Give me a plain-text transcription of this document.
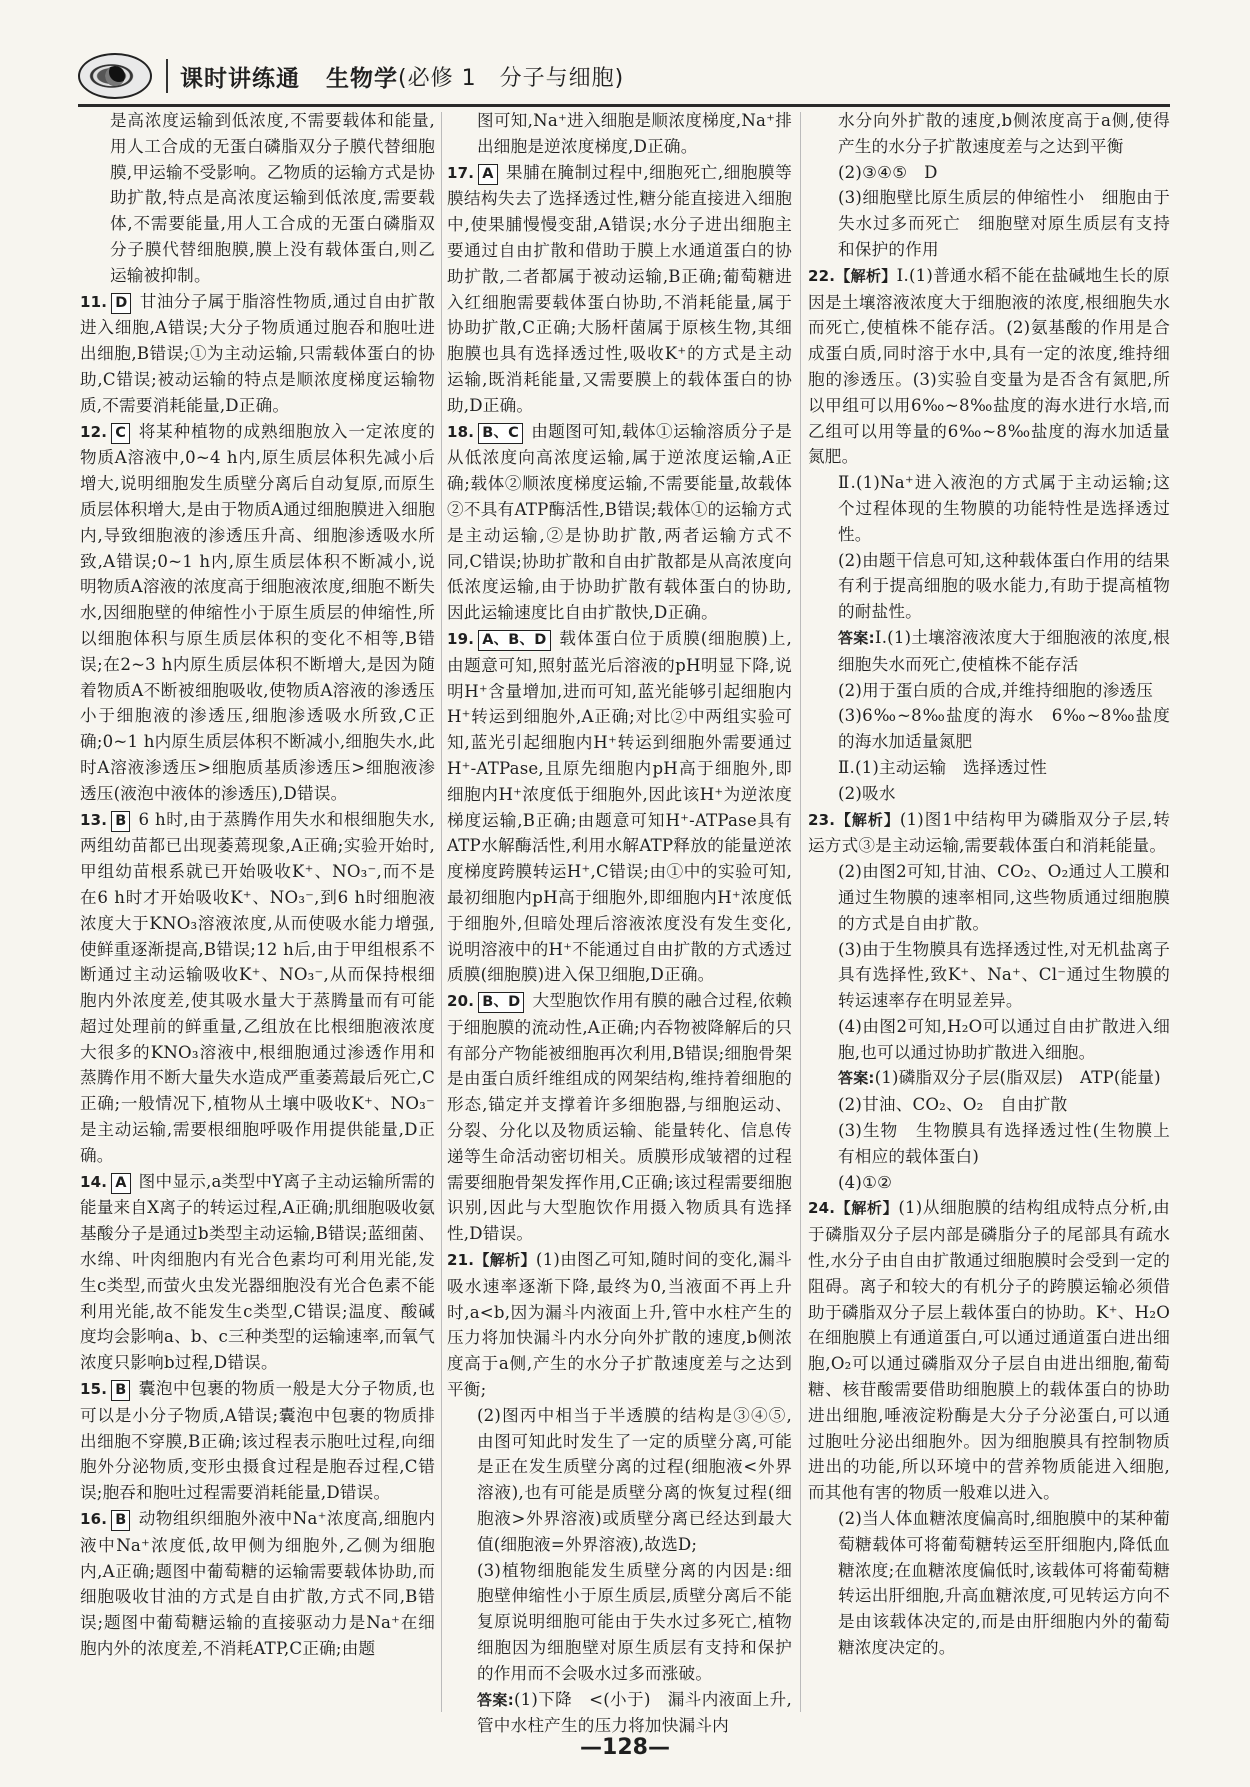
课时讲练通 生物学 (必修 1　分子与细胞)

是高浓度运输到低浓度,不需要载体和能量,用人工合成的无蛋白磷脂双分子膜代替细胞膜,甲运输不受影响。乙物质的运输方式是协助扩散,特点是高浓度运输到低浓度,需要载体,不需要能量,用人工合成的无蛋白磷脂双分子膜代替细胞膜,膜上没有载体蛋白,则乙运输被抑制。

11. D 甘油分子属于脂溶性物质,通过自由扩散进入细胞,A错误;大分子物质通过胞吞和胞吐进出细胞,B错误;①为主动运输,只需载体蛋白的协助,C错误;被动运输的特点是顺浓度梯度运输物质,不需要消耗能量,D正确。
12. C 将某种植物的成熟细胞放入一定浓度的物质A溶液中,0~4 h内,原生质层体积先减小后增大,说明细胞发生质壁分离后自动复原,而原生质层体积增大,是由于物质A通过细胞膜进入细胞内,导致细胞液的渗透压升高、细胞渗透吸水所致,A错误;0~1 h内,原生质层体积不断减小,说明物质A溶液的浓度高于细胞液浓度,细胞不断失水,因细胞壁的伸缩性小于原生质层的伸缩性,所以细胞体积与原生质层体积的变化不相等,B错误;在2~3 h内原生质层体积不断增大,是因为随着物质A不断被细胞吸收,使物质A溶液的渗透压小于细胞液的渗透压,细胞渗透吸水所致,C正确;0~1 h内原生质层体积不断减小,细胞失水,此时A溶液渗透压>细胞质基质渗透压>细胞液渗透压(液泡中液体的渗透压),D错误。
13. B 6 h时,由于蒸腾作用失水和根细胞失水,两组幼苗都已出现萎蔫现象,A正确;实验开始时,甲组幼苗根系就已开始吸收K⁺、NO₃⁻,而不是在6 h时才开始吸收K⁺、NO₃⁻,到6 h时细胞液浓度大于KNO₃溶液浓度,从而使吸水能力增强,使鲜重逐渐提高,B错误;12 h后,由于甲组根系不断通过主动运输吸收K⁺、NO₃⁻,从而保持根细胞内外浓度差,使其吸水量大于蒸腾量而有可能超过处理前的鲜重量,乙组放在比根细胞液浓度大很多的KNO₃溶液中,根细胞通过渗透作用和蒸腾作用不断大量失水造成严重萎蔫最后死亡,C正确;一般情况下,植物从土壤中吸收K⁺、NO₃⁻是主动运输,需要根细胞呼吸作用提供能量,D正确。
14. A 图中显示,a类型中Y离子主动运输所需的能量来自X离子的转运过程,A正确;肌细胞吸收氨基酸分子是通过b类型主动运输,B错误;蓝细菌、水绵、叶肉细胞内有光合色素均可利用光能,发生c类型,而萤火虫发光器细胞没有光合色素不能利用光能,故不能发生c类型,C错误;温度、酸碱度均会影响a、b、c三种类型的运输速率,而氧气浓度只影响b过程,D错误。
15. B 囊泡中包裹的物质一般是大分子物质,也可以是小分子物质,A错误;囊泡中包裹的物质排出细胞不穿膜,B正确;该过程表示胞吐过程,向细胞外分泌物质,变形虫摄食过程是胞吞过程,C错误;胞吞和胞吐过程需要消耗能量,D错误。
16. B 动物组织细胞外液中Na⁺浓度高,细胞内液中Na⁺浓度低,故甲侧为细胞外,乙侧为细胞内,A正确;题图中葡萄糖的运输需要载体协助,而细胞吸收甘油的方式是自由扩散,方式不同,B错误;题图中葡萄糖运输的直接驱动力是Na⁺在细胞内外的浓度差,不消耗ATP,C正确;由题

图可知,Na⁺进入细胞是顺浓度梯度,Na⁺排出细胞是逆浓度梯度,D正确。

17. A 果脯在腌制过程中,细胞死亡,细胞膜等膜结构失去了选择透过性,糖分能直接进入细胞中,使果脯慢慢变甜,A错误;水分子进出细胞主要通过自由扩散和借助于膜上水通道蛋白的协助扩散,二者都属于被动运输,B正确;葡萄糖进入红细胞需要载体蛋白协助,不消耗能量,属于协助扩散,C正确;大肠杆菌属于原核生物,其细胞膜也具有选择透过性,吸收K⁺的方式是主动运输,既消耗能量,又需要膜上的载体蛋白的协助,D正确。
18. B、C 由题图可知,载体①运输溶质分子是从低浓度向高浓度运输,属于逆浓度运输,A正确;载体②顺浓度梯度运输,不需要能量,故载体②不具有ATP酶活性,B错误;载体①的运输方式是主动运输,②是协助扩散,两者运输方式不同,C错误;协助扩散和自由扩散都是从高浓度向低浓度运输,由于协助扩散有载体蛋白的协助,因此运输速度比自由扩散快,D正确。
19. A、B、D 载体蛋白位于质膜(细胞膜)上,由题意可知,照射蓝光后溶液的pH明显下降,说明H⁺含量增加,进而可知,蓝光能够引起细胞内H⁺转运到细胞外,A正确;对比②中两组实验可知,蓝光引起细胞内H⁺转运到细胞外需要通过H⁺-ATPase,且原先细胞内pH高于细胞外,即细胞内H⁺浓度低于细胞外,因此该H⁺为逆浓度梯度运输,B正确;由题意可知H⁺-ATPase具有ATP水解酶活性,利用水解ATP释放的能量逆浓度梯度跨膜转运H⁺,C错误;由①中的实验可知,最初细胞内pH高于细胞外,即细胞内H⁺浓度低于细胞外,但暗处理后溶液浓度没有发生变化,说明溶液中的H⁺不能通过自由扩散的方式透过质膜(细胞膜)进入保卫细胞,D正确。
20. B、D 大型胞饮作用有膜的融合过程,依赖于细胞膜的流动性,A正确;内吞物被降解后的只有部分产物能被细胞再次利用,B错误;细胞骨架是由蛋白质纤维组成的网架结构,维持着细胞的形态,锚定并支撑着许多细胞器,与细胞运动、分裂、分化以及物质运输、能量转化、信息传递等生命活动密切相关。质膜形成皱褶的过程需要细胞骨架发挥作用,C正确;该过程需要细胞识别,因此与大型胞饮作用摄入物质具有选择性,D错误。
21.【解析】(1)由图乙可知,随时间的变化,漏斗吸水速率逐渐下降,最终为0,当液面不再上升时,a<b,因为漏斗内液面上升,管中水柱产生的压力将加快漏斗内水分向外扩散的速度,b侧浓度高于a侧,产生的水分子扩散速度差与之达到平衡;

(2)图丙中相当于半透膜的结构是③④⑤,由图可知此时发生了一定的质壁分离,可能是正在发生质壁分离的过程(细胞液<外界溶液),也有可能是质壁分离的恢复过程(细胞液>外界溶液)或质壁分离已经达到最大值(细胞液=外界溶液),故选D;

(3)植物细胞能发生质壁分离的内因是:细胞壁伸缩性小于原生质层,质壁分离后不能复原说明细胞可能由于失水过多死亡,植物细胞因为细胞壁对原生质层有支持和保护的作用而不会吸水过多而涨破。

答案:(1)下降　<(小于)　漏斗内液面上升,管中水柱产生的压力将加快漏斗内

水分向外扩散的速度,b侧浓度高于a侧,使得产生的水分子扩散速度差与之达到平衡

(2)③④⑤　D

(3)细胞壁比原生质层的伸缩性小　细胞由于失水过多而死亡　细胞壁对原生质层有支持和保护的作用

22.【解析】Ⅰ.(1)普通水稻不能在盐碱地生长的原因是土壤溶液浓度大于细胞液的浓度,根细胞失水而死亡,使植株不能存活。(2)氨基酸的作用是合成蛋白质,同时溶于水中,具有一定的浓度,维持细胞的渗透压。(3)实验自变量为是否含有氮肥,所以甲组可以用6‰~8‰盐度的海水进行水培,而乙组可以用等量的6‰~8‰盐度的海水加适量氮肥。

Ⅱ.(1)Na⁺进入液泡的方式属于主动运输;这个过程体现的生物膜的功能特性是选择透过性。

(2)由题干信息可知,这种载体蛋白作用的结果有利于提高细胞的吸水能力,有助于提高植物的耐盐性。

答案:Ⅰ.(1)土壤溶液浓度大于细胞液的浓度,根细胞失水而死亡,使植株不能存活

(2)用于蛋白质的合成,并维持细胞的渗透压

(3)6‰~8‰盐度的海水　6‰~8‰盐度的海水加适量氮肥

Ⅱ.(1)主动运输　选择透过性

(2)吸水

23.【解析】(1)图1中结构甲为磷脂双分子层,转运方式③是主动运输,需要载体蛋白和消耗能量。

(2)由图2可知,甘油、CO₂、O₂通过人工膜和通过生物膜的速率相同,这些物质通过细胞膜的方式是自由扩散。

(3)由于生物膜具有选择透过性,对无机盐离子具有选择性,致K⁺、Na⁺、Cl⁻通过生物膜的转运速率存在明显差异。

(4)由图2可知,H₂O可以通过自由扩散进入细胞,也可以通过协助扩散进入细胞。

答案:(1)磷脂双分子层(脂双层)　ATP(能量)

(2)甘油、CO₂、O₂　自由扩散

(3)生物　生物膜具有选择透过性(生物膜上有相应的载体蛋白)

(4)①②

24.【解析】(1)从细胞膜的结构组成特点分析,由于磷脂双分子层内部是磷脂分子的尾部具有疏水性,水分子由自由扩散通过细胞膜时会受到一定的阻碍。离子和较大的有机分子的跨膜运输必须借助于磷脂双分子层上载体蛋白的协助。K⁺、H₂O在细胞膜上有通道蛋白,可以通过通道蛋白进出细胞,O₂可以通过磷脂双分子层自由进出细胞,葡萄糖、核苷酸需要借助细胞膜上的载体蛋白的协助进出细胞,唾液淀粉酶是大分子分泌蛋白,可以通过胞吐分泌出细胞外。因为细胞膜具有控制物质进出的功能,所以环境中的营养物质能进入细胞,而其他有害的物质一般难以进入。

(2)当人体血糖浓度偏高时,细胞膜中的某种葡萄糖载体可将葡萄糖转运至肝细胞内,降低血糖浓度;在血糖浓度偏低时,该载体可将葡萄糖转运出肝细胞,升高血糖浓度,可见转运方向不是由该载体决定的,而是由肝细胞内外的葡萄糖浓度决定的。

—128—
